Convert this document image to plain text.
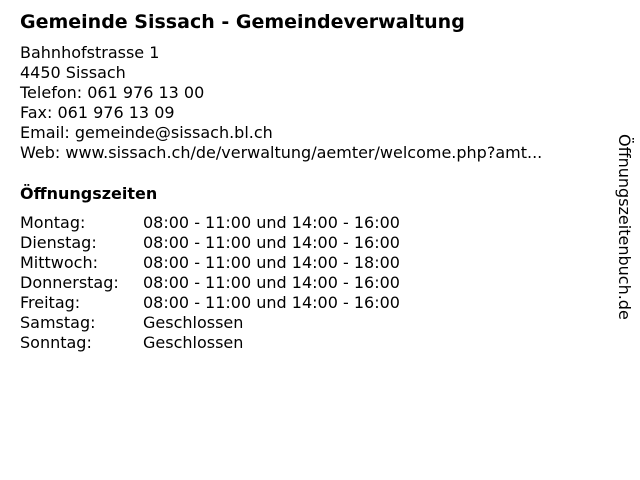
Gemeinde Sissach - Gemeindeverwaltung
Bahnhofstrasse 1
4450 Sissach
Telefon: 061 976 13 00
Fax: 061 976 13 09
Email: gemeinde@sissach.bl.ch
Web: www.sissach.ch/de/verwaltung/aemter/welcome.php?amt...
Öffnungszeiten
Montag:	08:00 - 11:00 und 14:00 - 16:00
Dienstag:	08:00 - 11:00 und 14:00 - 16:00
Mittwoch:	08:00 - 11:00 und 14:00 - 18:00
Donnerstag:	08:00 - 11:00 und 14:00 - 16:00
Freitag:	08:00 - 11:00 und 14:00 - 16:00
Samstag:	Geschlossen
Sonntag:	Geschlossen
Öffnungszeitenbuch.de
